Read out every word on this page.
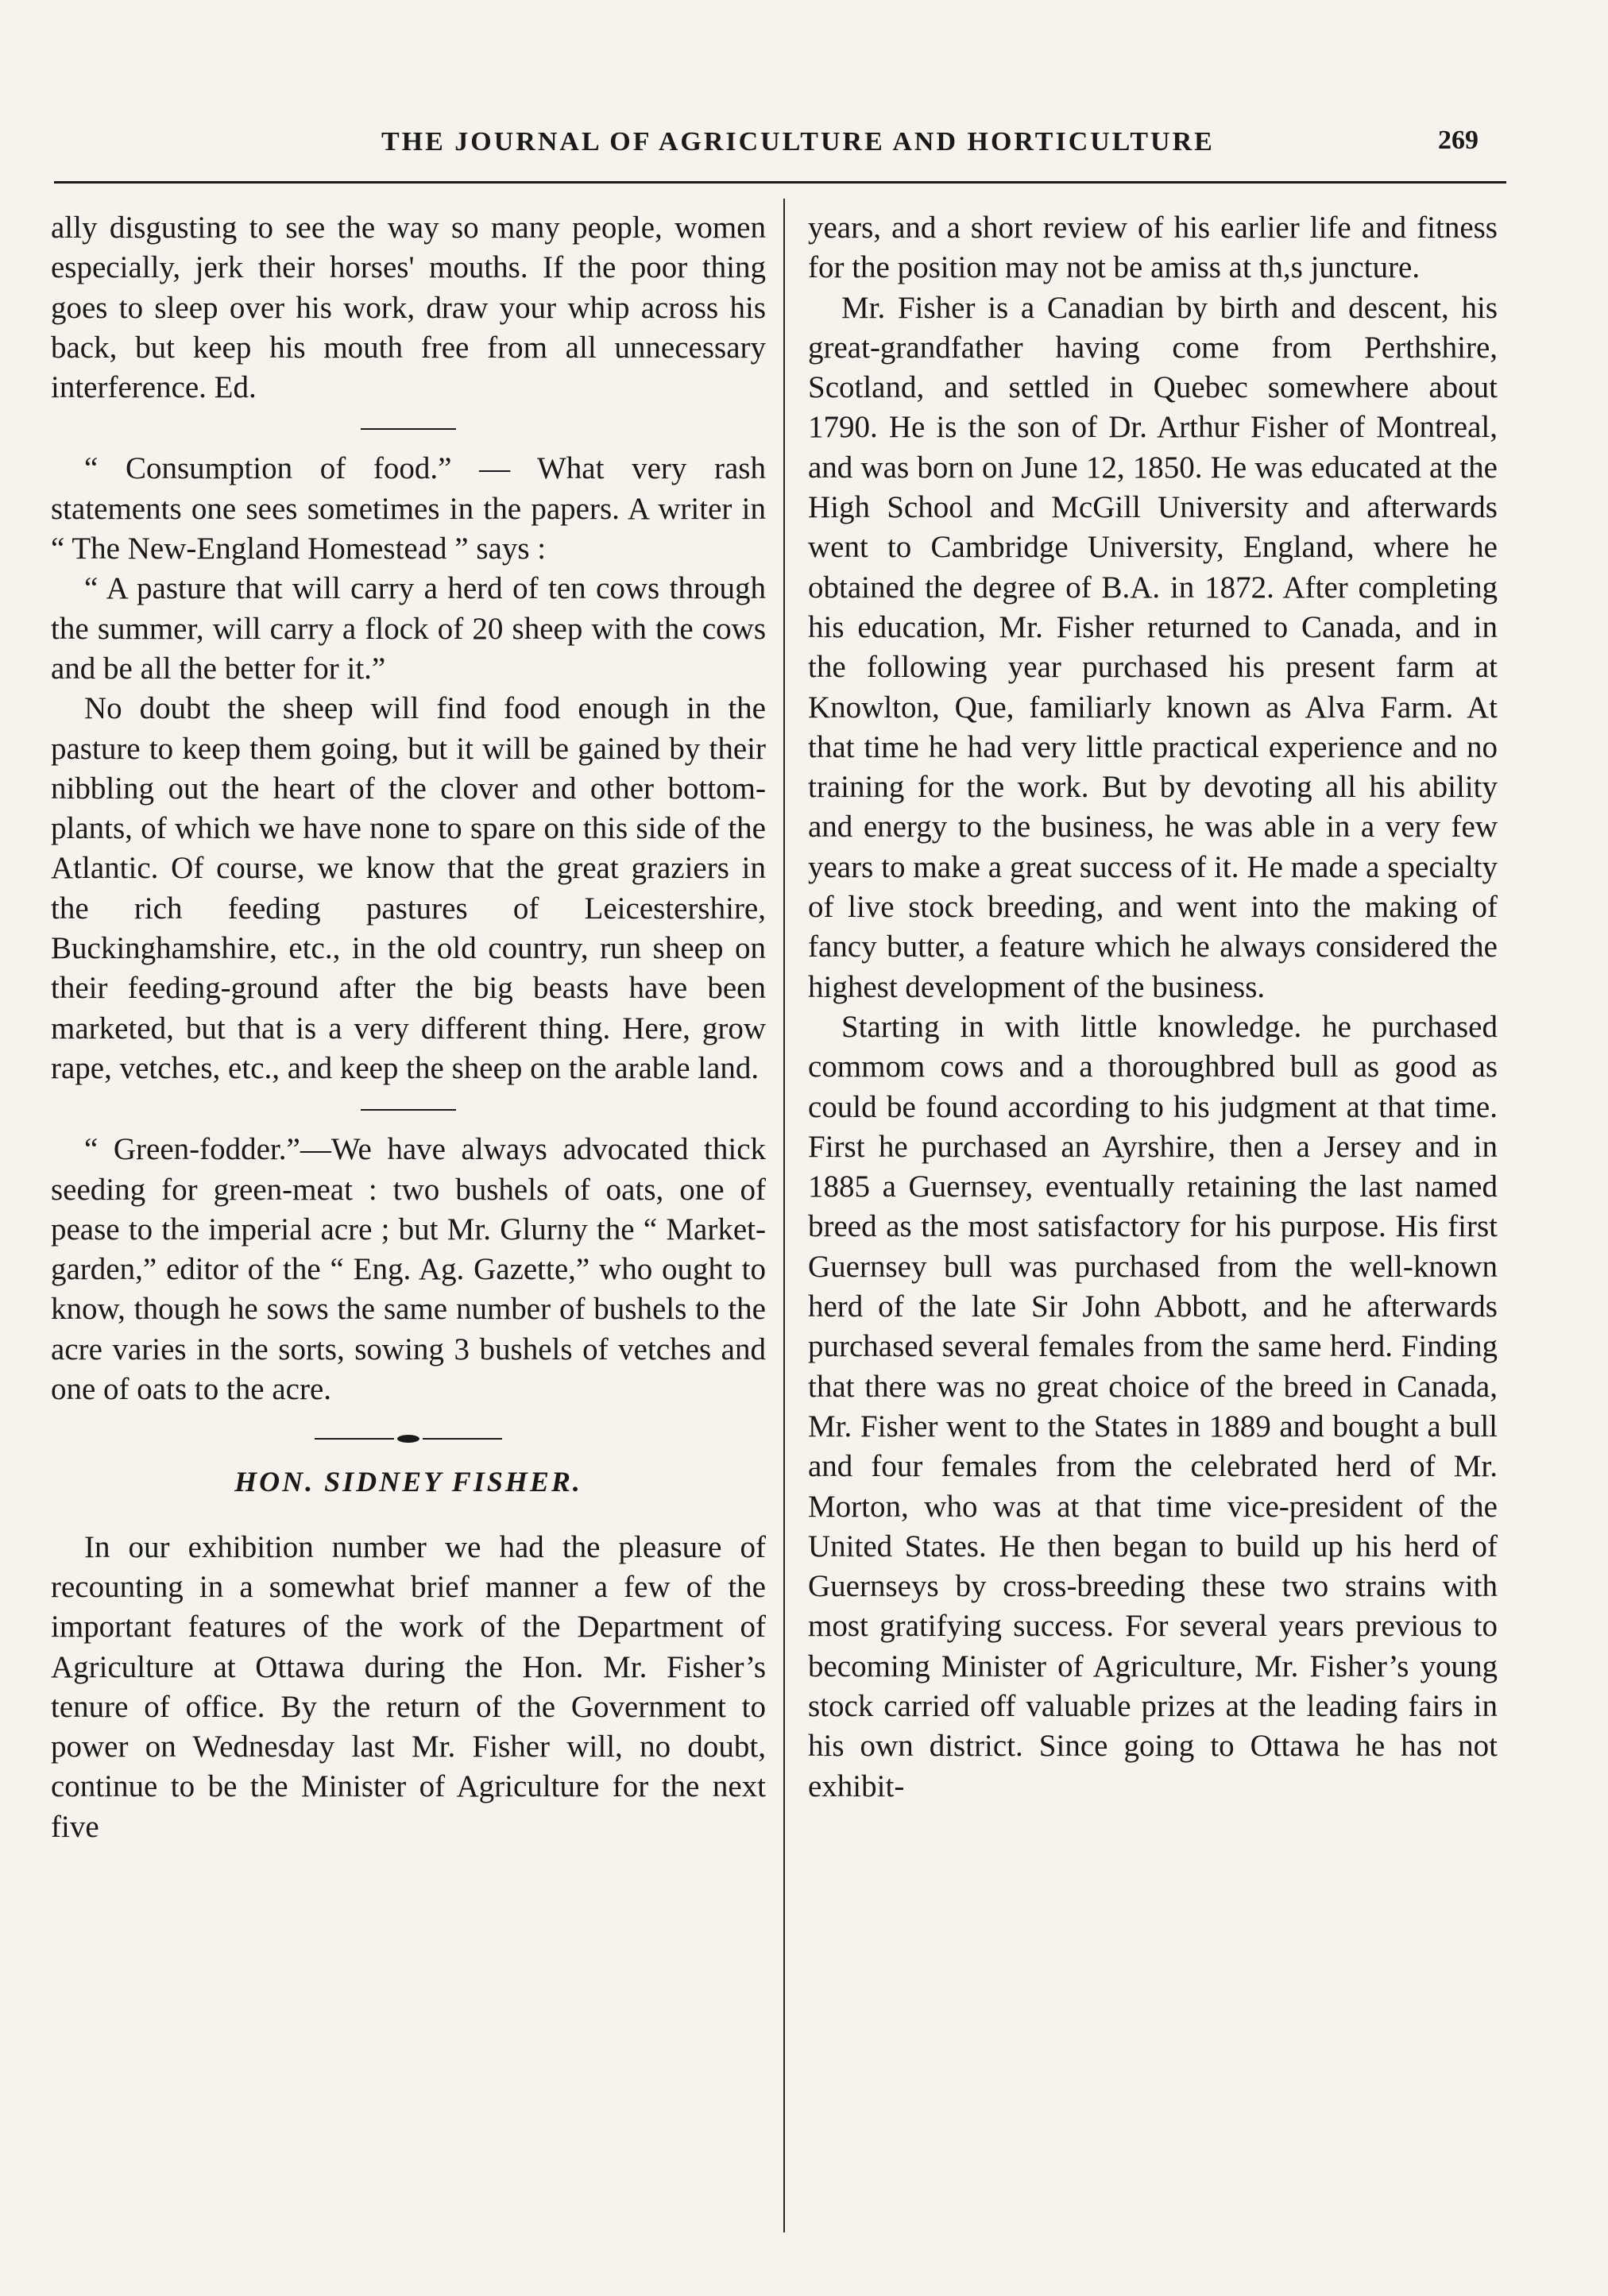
THE JOURNAL OF AGRICULTURE AND HORTICULTURE	269

ally disgusting to see the way so many people, women especially, jerk their horses' mouths. If the poor thing goes to sleep over his work, draw your whip across his back, but keep his mouth free from all unnecessary interference. Ed.

“ Consumption of food.” — What very rash statements one sees sometimes in the papers. A writer in “ The New-England Homestead ” says :

“ A pasture that will carry a herd of ten cows through the summer, will carry a flock of 20 sheep with the cows and be all the better for it.”

No doubt the sheep will find food enough in the pasture to keep them going, but it will be gained by their nibbling out the heart of the clover and other bottom-plants, of which we have none to spare on this side of the Atlantic. Of course, we know that the great graziers in the rich feeding pastures of Leicestershire, Buckinghamshire, etc., in the old country, run sheep on their feeding-ground after the big beasts have been marketed, but that is a very different thing. Here, grow rape, vetches, etc., and keep the sheep on the arable land.

“ Green-fodder.”—We have always advocated thick seeding for green-meat : two bushels of oats, one of pease to the imperial acre ; but Mr. Glurny the “ Market-garden,” editor of the “ Eng. Ag. Gazette,” who ought to know, though he sows the same number of bushels to the acre varies in the sorts, sowing 3 bushels of vetches and one of oats to the acre.

HON. SIDNEY FISHER.

In our exhibition number we had the pleasure of recounting in a somewhat brief manner a few of the important features of the work of the Department of Agriculture at Ottawa during the Hon. Mr. Fisher’s tenure of office. By the return of the Government to power on Wednesday last Mr. Fisher will, no doubt, continue to be the Minister of Agriculture for the next five

years, and a short review of his earlier life and fitness for the position may not be amiss at th,s juncture.

Mr. Fisher is a Canadian by birth and descent, his great-grandfather having come from Perthshire, Scotland, and settled in Quebec somewhere about 1790. He is the son of Dr. Arthur Fisher of Montreal, and was born on June 12, 1850. He was educated at the High School and McGill University and afterwards went to Cambridge University, England, where he obtained the degree of B.A. in 1872. After completing his education, Mr. Fisher returned to Canada, and in the following year purchased his present farm at Knowlton, Que, familiarly known as Alva Farm. At that time he had very little practical experience and no training for the work. But by devoting all his ability and energy to the business, he was able in a very few years to make a great success of it. He made a specialty of live stock breeding, and went into the making of fancy butter, a feature which he always considered the highest development of the business.

Starting in with little knowledge. he purchased commom cows and a thoroughbred bull as good as could be found according to his judgment at that time. First he purchased an Ayrshire, then a Jersey and in 1885 a Guernsey, eventually retaining the last named breed as the most satisfactory for his purpose. His first Guernsey bull was purchased from the well-known herd of the late Sir John Abbott, and he afterwards purchased several females from the same herd. Finding that there was no great choice of the breed in Canada, Mr. Fisher went to the States in 1889 and bought a bull and four females from the celebrated herd of Mr. Morton, who was at that time vice-president of the United States. He then began to build up his herd of Guernseys by cross-breeding these two strains with most gratifying success. For several years previous to becoming Minister of Agriculture, Mr. Fisher’s young stock carried off valuable prizes at the leading fairs in his own district. Since going to Ottawa he has not exhibit-
